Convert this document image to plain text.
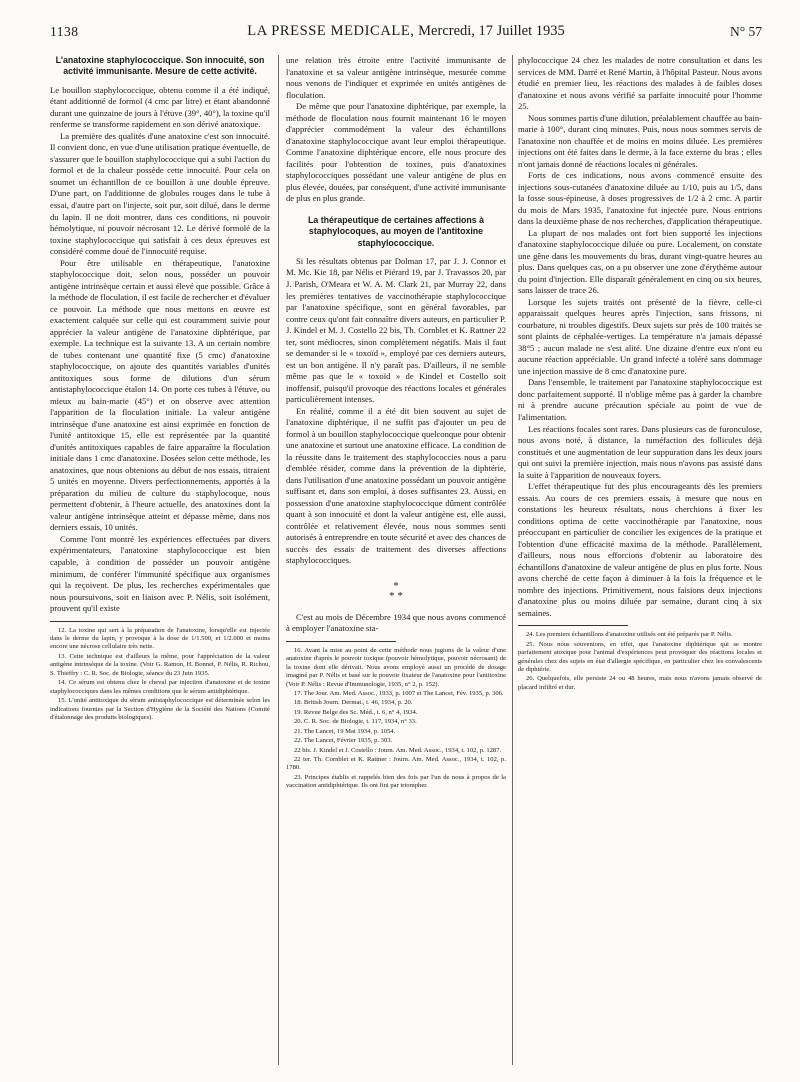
1138	LA PRESSE MEDICALE, Mercredi, 17 Juillet 1935	N° 57
L'anatoxine staphylococcique. Son innocuité, son activité immunisante. Mesure de cette activité.

Le bouillon staphylococcique, obtenu comme il a été indiqué, étant additionné de formol (4 cmc par litre) et étant abandonné durant une quinzaine de jours à l'étuve (39°, 40°), la toxine qu'il renferme se transforme rapidement en son dérivé anatoxique.

La première des qualités d'une anatoxine c'est son innocuité. Il convient donc, en vue d'une utilisation pratique éventuelle, de s'assurer que le bouillon staphylococcique qui a subi l'action du formol et de la chaleur possède cette innocuité. Pour cela on soumet un échantillon de ce bouillon à une double épreuve. D'une part, on l'additionne de globules rouges dans le tube à essai, d'autre part on l'injecte, soit pur, soit dilué, dans le derme du lapin. Il ne doit montrer, dans ces conditions, ni pouvoir hémolytique, ni pouvoir nécrosant 12. Le dérivé formolé de la toxine staphylococcique qui satisfait à ces deux épreuves est considéré comme doué de l'innocuité requise.

Pour être utilisable en thérapeutique, l'anatoxine staphylococcique doit, selon nous, posséder un pouvoir antigène intrinsèque certain et aussi élevé que possible. Grâce à la méthode de floculation, il est facile de rechercher et d'évaluer ce pouvoir. La méthode que nous mettons en œuvre est exactement calquée sur celle qui est couramment suivie pour apprécier la valeur antigène de l'anatoxine diphtérique, par exemple. La technique est la suivante 13. A un certain nombre de tubes contenant une quantité fixe (5 cmc) d'anatoxine staphylococcique, on ajoute des quantités variables d'unités antitoxiques sous forme de dilutions d'un sérum antistaphylococcique étalon 14. On porte ces tubes à l'étuve, ou mieux au bain-marie (45°) et on observe avec attention l'apparition de la floculation initiale. La valeur antigène intrinsèque d'une anatoxine est ainsi exprimée en fonction de l'unité antitoxique 15, elle est représentée par la quantité d'unités antitoxiques capables de faire apparaître la floculation initiale dans 1 cmc d'anatoxine. Dosées selon cette méthode, les anatoxines, que nous obtenions au début de nos essais, titraient 5 unités en moyenne. Divers perfectionnements, apportés à la préparation du milieu de culture du staphylocoque, nous permettent d'obtenir, à l'heure actuelle, des anatoxines dont la valeur antigène intrinsèque atteint et dépasse même, dans nos derniers essais, 10 unités.

Comme l'ont montré les expériences effectuées par divers expérimentateurs, l'anatoxine staphylococcique est bien capable, à condition de posséder un pouvoir antigène minimum, de conférer l'immunité spécifique aux organismes qui la reçoivent. De plus, les recherches expérimentales que nous poursuivons, soit en liaison avec P. Nélis, soit isolément, prouvent qu'il existe

12. La toxine qui sert à la préparation de l'anatoxine, lorsqu'elle est injectée dans le derme du lapin, y provoque à la dose de 1/1.500, et 1/2.000 et moins encore une nécrose cellulaire très nette.

13. Cette technique est d'ailleurs la même, pour l'appréciation de la valeur antigène intrinsèque de la toxine. (Voir G. Ramon, H. Bonnet, P. Nélis, R. Richou, S. Thieffry : C. R. Soc. de Biologie, séance du 23 Juin 1935.

14. Ce sérum est obtenu chez le cheval par injection d'anatoxine et de toxine staphylococciques dans les mêmes conditions que le sérum antidiphtérique.

15. L'unité antitoxique du sérum antistaphylococcique est déterminée selon les indications fournies par la Section d'Hygiène de la Société des Nations (Comité d'étalonnage des produits biologiques).

une relation très étroite entre l'activité immunisante de l'anatoxine et sa valeur antigène intrinsèque, mesurée comme nous venons de l'indiquer et exprimée en unités antigènes de floculation.

De même que pour l'anatoxine diphtérique, par exemple, la méthode de floculation nous fournit maintenant 16 le moyen d'apprécier commodément la valeur des échantillons d'anatoxine staphylococcique avant leur emploi thérapeutique. Comme l'anatoxine diphtérique encore, elle nous procure des facilités pour l'obtention de toxines, puis d'anatoxines staphylococciques possédant une valeur antigène de plus en plus élevée, douées, par conséquent, d'une activité immunisante de plus en plus grande.

La thérapeutique de certaines affections à staphylocoques, au moyen de l'antitoxine staphylococcique.

Si les résultats obtenus par Dolman 17, par J. J. Connor et M. Mc. Kie 18, par Nélis et Piérard 19, par J. Travassos 20, par J. Parish, O'Meara et W. A. M. Clark 21, par Murray 22, dans les premières tentatives de vaccinothérapie staphylococcique par l'anatoxine spécifique, sont en général favorables, par contre ceux qu'ont fait connaître divers auteurs, en particulier P. J. Kindel et M. J. Costello 22 bis, Th. Cornblet et K. Rattner 22 ter, sont médiocres, sinon complètement négatifs. Mais il faut se demander si le « toxoïd », employé par ces derniers auteurs, est un bon antigène. Il n'y paraît pas. D'ailleurs, il ne semble même pas que le « toxoïd » de Kindel et Costello soit inoffensif, puisqu'il provoque des réactions locales et générales particulièrement intenses.

En réalité, comme il a été dit bien souvent au sujet de l'anatoxine diphtérique, il ne suffit pas d'ajouter un peu de formol à un bouillon staphylococcique quelconque pour obtenir une anatoxine et surtout une anatoxine efficace. La condition de la réussite dans le traitement des staphylococcies nous a paru d'emblée résider, comme dans la prévention de la diphtérie, dans l'utilisation d'une anatoxine possédant un pouvoir antigène suffisant et, dans son emploi, à doses suffisantes 23. Aussi, en possession d'une anatoxine staphylococcique dûment contrôlée quant à son innocuité et dont la valeur antigène est, elle aussi, contrôlée et relativement élevée, nous nous sommes senti autorisés à entreprendre en toute sécurité et avec des chances de succès des essais de traitement des diverses affections staphylococciques.

*
* *

C'est au mois de Décembre 1934 que nous avons commencé à employer l'anatoxine sta-

16. Avant la mise au point de cette méthode nous jugions de la valeur d'une anatoxine d'après le pouvoir toxique (pouvoir hémolytique, pouvoir nécrosant) de la toxine dont elle dérivait. Nous avons employé aussi un procédé de dosage imaginé par P. Nélis et basé sur le pouvoir fixateur de l'anatoxine pour l'antitoxine (Voir P. Nélis : Revue d'Immunologie, 1935, n° 2, p. 152).

17. The Jour. Am. Med. Assoc., 1933, p. 1007 et The Lancet, Fév. 1935, p. 306.

18. British Journ. Dermat., t. 46, 1934, p. 20.

19. Revue Belge des Sc. Méd., t. 6, n° 4, 1934.

20. C. R. Soc. de Biologie, t. 117, 1934, n° 33.

21. The Lancet, 19 Mai 1934, p. 1054.

22. The Lancet, Février 1935, p. 303.

22 bis. J. Kindel et J. Costello : Journ. Am. Med. Assoc., 1934, t. 102, p. 1287.

22 ter. Th. Cornblet et K. Rattner : Journ. Am. Med. Assoc., 1934, t. 102, p. 1780.

23. Principes établis et rappelés bien des fois par l'un de nous à propos de la vaccination antidiphtérique. Ils ont fini par triompher.

phylococcique 24 chez les malades de notre consultation et dans les services de MM. Darré et René Martin, à l'hôpital Pasteur. Nous avons étudié en premier lieu, les réactions des malades à de faibles doses d'anatoxine et nous avons vérifié sa parfaite innocuité pour l'homme 25.

Nous sommes partis d'une dilution, préalablement chauffée au bain-marie à 100°, durant cinq minutes. Puis, nous nous sommes servis de l'anatoxine non chauffée et de moins en moins diluée. Les premières injections ont été faites dans le derme, à la face externe du bras ; elles n'ont jamais donné de réactions locales ni générales.

Forts de ces indications, nous avons commencé ensuite des injections sous-cutanées d'anatoxine diluée au 1/10, puis au 1/5, dans la fosse sous-épineuse, à doses progressives de 1/2 à 2 cmc. A partir du mois de Mars 1935, l'anatoxine fut injectée pure. Nous entrions dans la deuxième phase de nos recherches, d'application thérapeutique.

La plupart de nos malades ont fort bien supporté les injections d'anatoxine staphylococcique diluée ou pure. Localement, on constate une gêne dans les mouvements du bras, durant vingt-quatre heures au plus. Dans quelques cas, on a pu observer une zone d'érythème autour du point d'injection. Elle disparaît généralement en cinq ou six heures, sans laisser de trace 26.

Lorsque les sujets traités ont présenté de la fièvre, celle-ci apparaissait quelques heures après l'injection, sans frissons, ni courbature, ni troubles digestifs. Deux sujets sur près de 100 traités se sont plaints de céphalée-vertiges. La température n'a jamais dépassé 38°5 ; aucun malade ne s'est alité. Une dizaine d'entre eux n'ont eu aucune réaction appréciable. Un grand infecté a toléré sans dommage une injection massive de 8 cmc d'anatoxine pure.

Dans l'ensemble, le traitement par l'anatoxine staphylococcique est donc parfaitement supporté. Il n'oblige même pas à garder la chambre ni à prendre aucune précaution spéciale au point de vue de l'alimentation.

Les réactions focales sont rares. Dans plusieurs cas de furonculose, nous avons noté, à distance, la tuméfaction des follicules déjà constitués et une augmentation de leur suppuration dans les deux jours qui ont suivi la première injection, mais nous n'avons pas assisté dans la suite à l'apparition de nouveaux foyers.

L'effet thérapeutique fut des plus encourageants dès les premiers essais. Au cours de ces premiers essais, à mesure que nous en constations les heureux résultats, nous cherchions à fixer les conditions optima de cette vaccinothérapie par l'anatoxine, nous préoccupant en particulier de concilier les exigences de la pratique et l'obtention d'une efficacité maxima de la méthode. Parallèlement, d'ailleurs, nous nous efforcions d'obtenir au laboratoire des échantillons d'anatoxine de valeur antigène de plus en plus forte. Nous avons cherché de cette façon à diminuer à la fois la fréquence et le nombre des injections. Primitivement, nous faisions deux injections d'anatoxine plus ou moins diluée par semaine, durant cinq à six semaines.

24. Les premiers échantillons d'anatoxine utilisés ont été préparés par P. Nélis.

25. Nous nous souvenions, en effet, que l'anatoxine diphtérique qui se montre parfaitement atoxique pour l'animal d'expériences peut provoquer des réactions locales et générales chez des sujets en état d'allergie spécifique, en particulier chez les convalescents de diphtérie.

26. Quelquefois, elle persiste 24 ou 48 heures, mais nous n'avons jamais observé de placard infiltré et dur.
